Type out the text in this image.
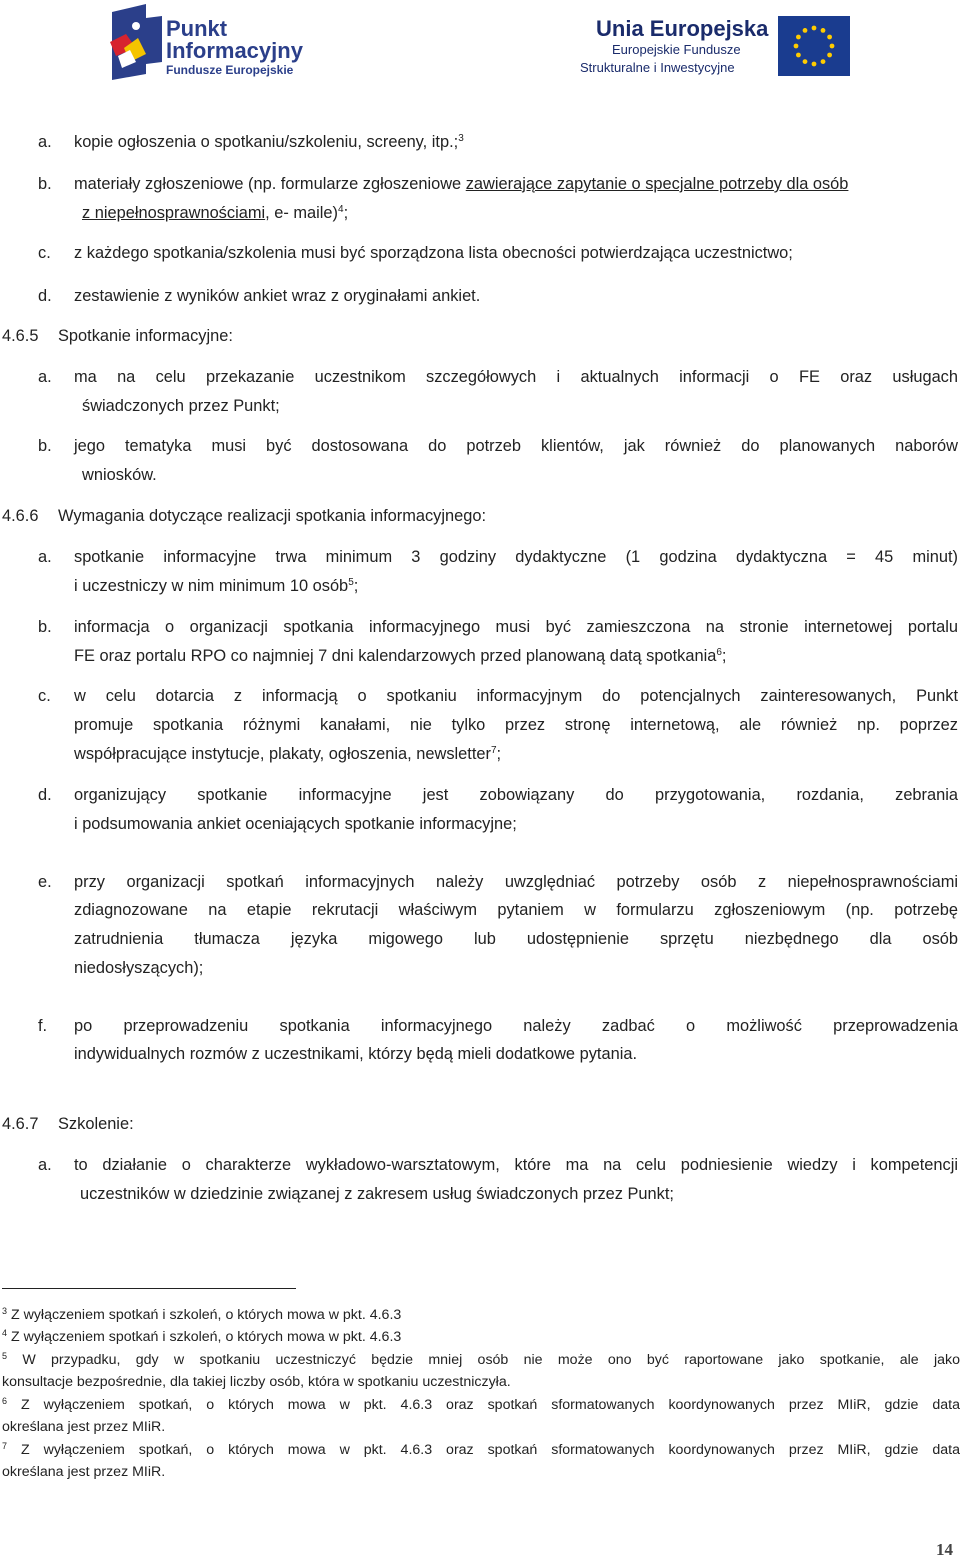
Punkt
Informacyjny
Fundusze Europejskie
Unia Europejska
Europejskie Fundusze
Strukturalne i Inwestycyjne
a. kopie ogłoszenia o spotkaniu/szkoleniu, screeny, itp.;$^3$
b. materiały zgłoszeniowe (np. formularze zgłoszeniowe zawierające zapytanie o specjalne potrzeby dla osób
z niepełnosprawnościami, e- maile)$^4$;
c. z każdego spotkania/szkolenia musi być sporządzona lista obecności potwierdzająca uczestnictwo;
d. zestawienie z wyników ankiet wraz z oryginałami ankiet.
4.6.5 Spotkanie informacyjne:
a. ma na celu przekazanie uczestnikom szczegółowych i aktualnych informacji o FE oraz usługach
świadczonych przez Punkt;
b. jego tematyka musi być dostosowana do potrzeb klientów, jak również do planowanych naborów
wniosków.
4.6.6 Wymagania dotyczące realizacji spotkania informacyjnego:
a. spotkanie informacyjne trwa minimum 3 godziny dydaktyczne (1 godzina dydaktyczna = 45 minut)
i uczestniczy w nim minimum 10 osób$^5$;
b. informacja o organizacji spotkania informacyjnego musi być zamieszczona na stronie internetowej portalu
FE oraz portalu RPO co najmniej 7 dni kalendarzowych przed planowaną datą spotkania$^6$;
c. w celu dotarcia z informacją o spotkaniu informacyjnym do potencjalnych zainteresowanych, Punkt
promuje spotkania różnymi kanałami, nie tylko przez stronę internetową, ale również np. poprzez
współpracujące instytucje, plakaty, ogłoszenia, newsletter$^7$;
d. organizujący spotkanie informacyjne jest zobowiązany do przygotowania, rozdania, zebrania
i podsumowania ankiet oceniających spotkanie informacyjne;
e. przy organizacji spotkań informacyjnych należy uwzględniać potrzeby osób z niepełnosprawnościami
zdiagnozowane na etapie rekrutacji właściwym pytaniem w formularzu zgłoszeniowym (np. potrzebę
zatrudnienia tłumacza języka migowego lub udostępnienie sprzętu niezbędnego dla osób
niedosłyszących);
f. po przeprowadzeniu spotkania informacyjnego należy zadbać o możliwość przeprowadzenia
indywidualnych rozmów z uczestnikami, którzy będą mieli dodatkowe pytania.
4.6.7 Szkolenie:
a. to działanie o charakterze wykładowo-warsztatowym, które ma na celu podniesienie wiedzy i kompetencji
uczestników w dziedzinie związanej z zakresem usług świadczonych przez Punkt;
$^3$ Z wyłączeniem spotkań i szkoleń, o których mowa w pkt. 4.6.3
$^4$ Z wyłączeniem spotkań i szkoleń, o których mowa w pkt. 4.6.3
$^5$ W przypadku, gdy w spotkaniu uczestniczyć będzie mniej osób nie może ono być raportowane jako spotkanie, ale jako
konsultacje bezpośrednie, dla takiej liczby osób, która w spotkaniu uczestniczyła.
$^6$ Z wyłączeniem spotkań, o których mowa w pkt. 4.6.3 oraz spotkań sformatowanych koordynowanych przez MIiR, gdzie data
określana jest przez MIiR.
$^7$ Z wyłączeniem spotkań, o których mowa w pkt. 4.6.3 oraz spotkań sformatowanych koordynowanych przez MIiR, gdzie data
określana jest przez MIiR.
14
